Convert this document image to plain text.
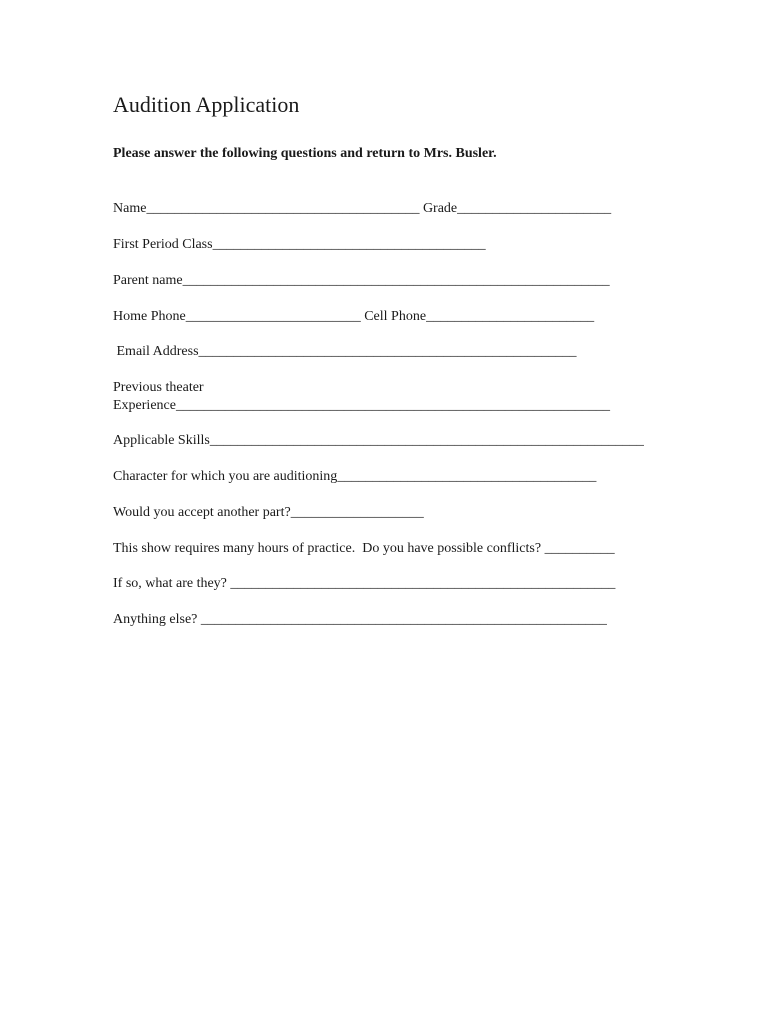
Audition Application

Please answer the following questions and return to Mrs. Busler.

Name_______________________________________ Grade______________________
First Period Class_______________________________________
Parent name_____________________________________________________________
Home Phone_________________________ Cell Phone________________________
Email Address______________________________________________________
Previous theater
Experience______________________________________________________________
Applicable Skills______________________________________________________________
Character for which you are auditioning_____________________________________
Would you accept another part?___________________
This show requires many hours of practice.  Do you have possible conflicts? __________
If so, what are they? _______________________________________________________
Anything else? __________________________________________________________
